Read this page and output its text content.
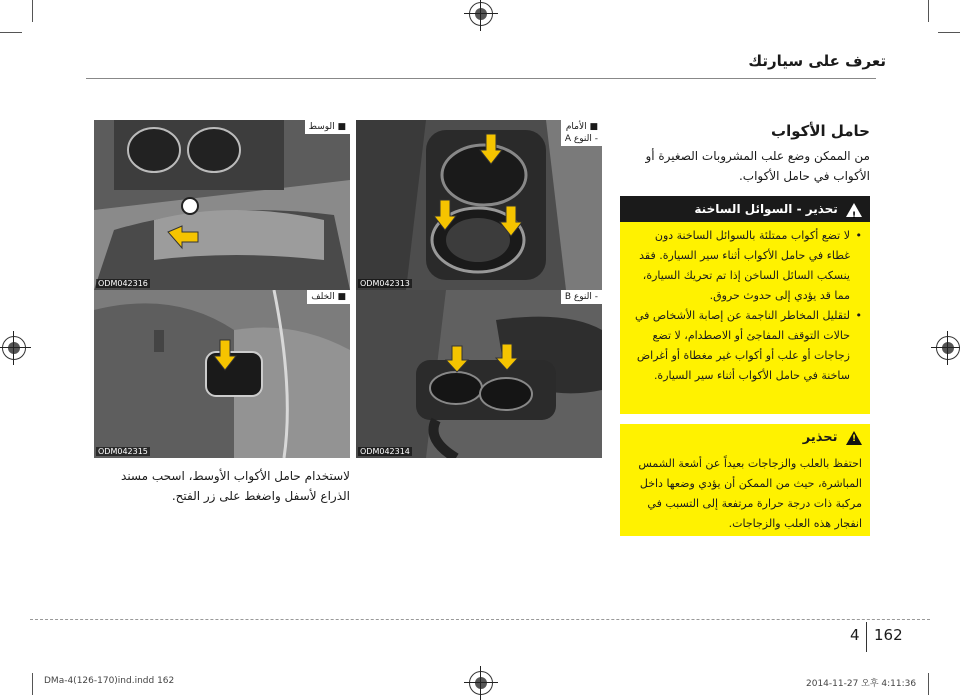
تعرف على سيارتك
حامل الأكواب
من الممكن وضع علب المشروبات الصغيرة أو الأكواب في حامل الأكواب.
!
تحذير - السوائل الساخنة
• لا تضع أكواب ممتلئة بالسوائل الساخنة دون غطاء في حامل الأكواب أثناء سير السيارة. فقد ينسكب السائل الساخن إذا تم تحريك السيارة، مما قد يؤدي إلى حدوث حروق.
• لتقليل المخاطر الناجمة عن إصابة الأشخاص في حالات التوقف المفاجئ أو الاصطدام، لا تضع زجاجات أو علب أو أكواب غير مغطاة أو أغراض ساخنة في حامل الأكواب أثناء سير السيارة.
!
تحذير
احتفظ بالعلب والزجاجات بعيداً عن أشعة الشمس المباشرة، حيث من الممكن أن يؤدي وضعها داخل مركبة ذات درجة حرارة مرتفعة إلى التسبب في انفجار هذه العلب والزجاجات.
■ الأمام
- النوع A
ODM042313
- النوع B
ODM042314
■ الوسط
ODM042316
■ الخلف
ODM042315
لاستخدام حامل الأكواب الأوسط، اسحب مسند الذراع لأسفل واضغط على زر الفتح.
4 162
DMa-4(126-170)ind.indd 162	2014-11-27 오후 4:11:36
